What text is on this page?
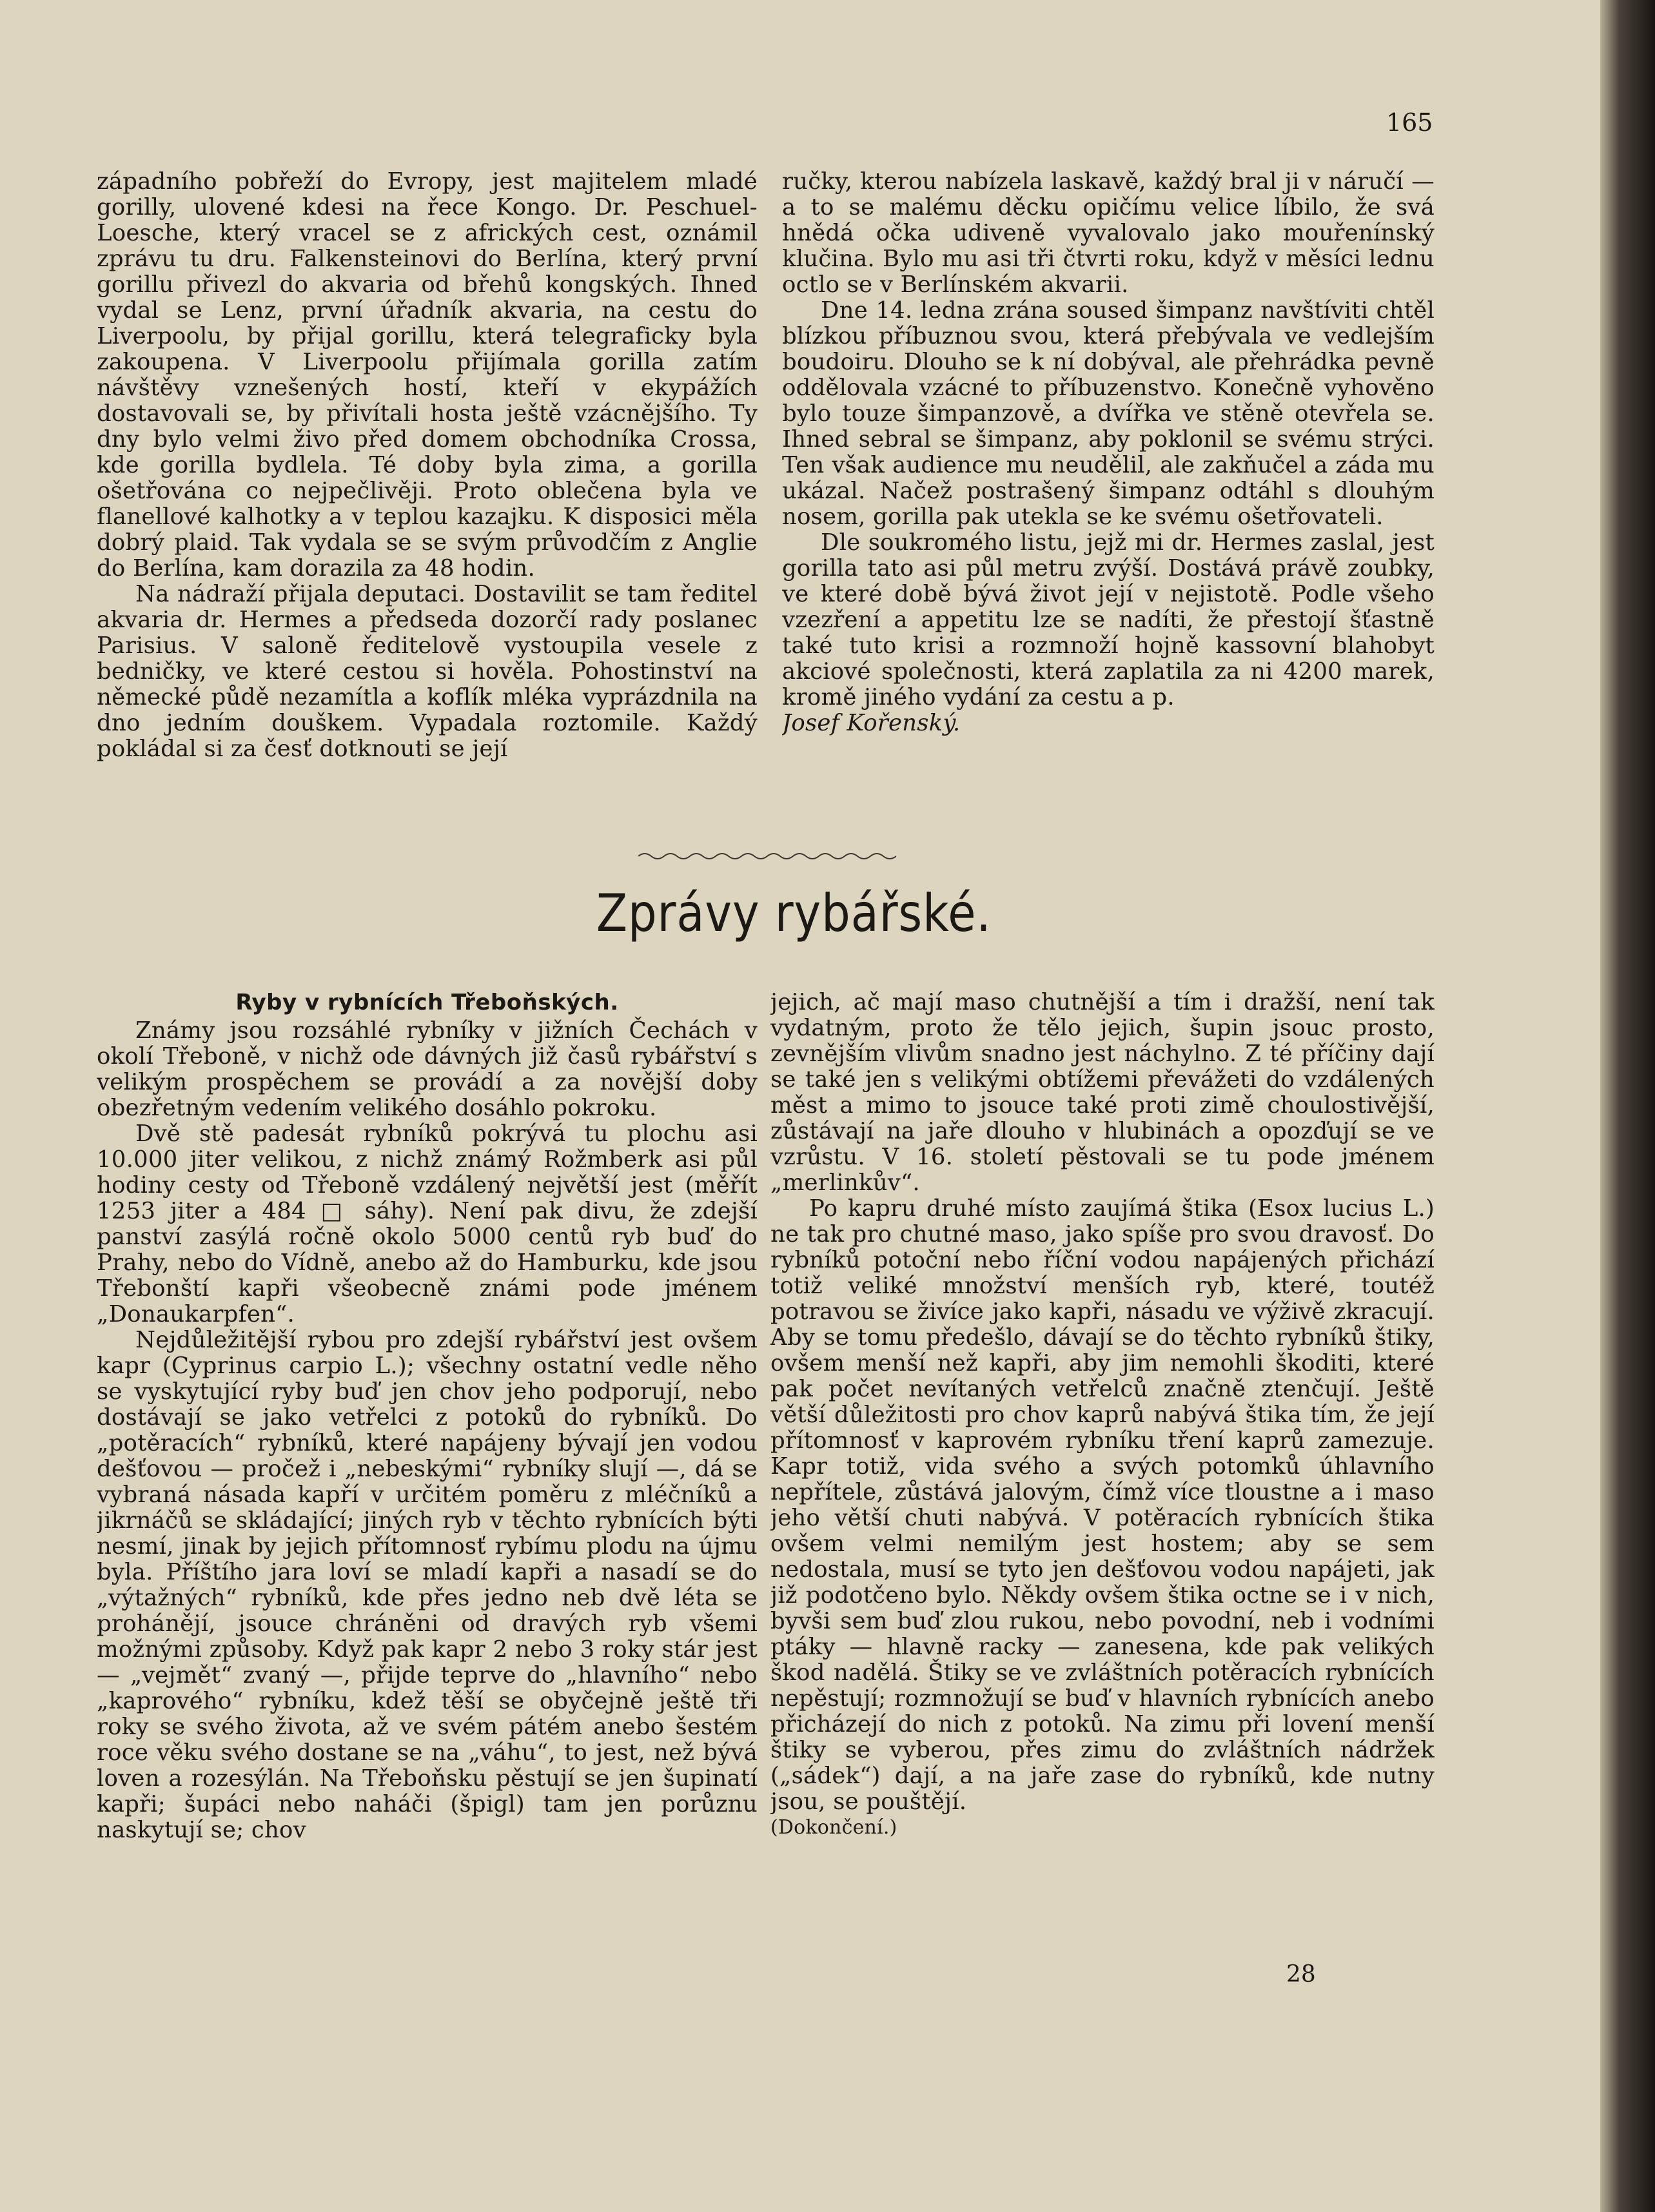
165

západního pobřeží do Evropy, jest majitelem mladé gorilly, ulovené kdesi na řece Kongo. Dr. Peschuel-Loesche, který vracel se z afrických cest, oznámil zprávu tu dru. Falkensteinovi do Berlína, který první gorillu přivezl do akvaria od břehů kongských. Ihned vydal se Lenz, první úřadník akvaria, na cestu do Liverpoolu, by přijal gorillu, která telegraficky byla zakoupena. V Liverpoolu přijímala gorilla zatím návštěvy vznešených hostí, kteří v ekypážích dostavovali se, by přivítali hosta ještě vzácnějšího. Ty dny bylo velmi živo před domem obchodníka Crossa, kde gorilla bydlela. Té doby byla zima, a gorilla ošetřována co nejpečlivěji. Proto oblečena byla ve flanellové kalhotky a v teplou kazajku. K disposici měla dobrý plaid. Tak vydala se se svým průvodčím z Anglie do Berlína, kam dorazila za 48 hodin.

Na nádraží přijala deputaci. Dostavilit se tam ředitel akvaria dr. Hermes a předseda dozorčí rady poslanec Parisius. V saloně ředitelově vystoupila vesele z bedničky, ve které cestou si hověla. Pohostinství na německé půdě nezamítla a koflík mléka vyprázdnila na dno jedním douškem. Vypadala roztomile. Každý pokládal si za česť dotknouti se její

ručky, kterou nabízela laskavě, každý bral ji v náručí — a to se malému děcku opičímu velice líbilo, že svá hnědá očka udiveně vyvalovalo jako mouřenínský klučina. Bylo mu asi tři čtvrti roku, když v měsíci lednu octlo se v Berlínském akvarii.

Dne 14. ledna zrána soused šimpanz navštíviti chtěl blízkou příbuznou svou, která přebývala ve vedlejším boudoiru. Dlouho se k ní dobýval, ale přehrádka pevně oddělovala vzácné to příbuzenstvo. Konečně vyhověno bylo touze šimpanzově, a dvířka ve stěně otevřela se. Ihned sebral se šimpanz, aby poklonil se svému strýci. Ten však audience mu neudělil, ale zakňučel a záda mu ukázal. Načež postrašený šimpanz odtáhl s dlouhým nosem, gorilla pak utekla se ke svému ošetřovateli.

Dle soukromého listu, jejž mi dr. Hermes zaslal, jest gorilla tato asi půl metru zvýší. Dostává právě zoubky, ve které době bývá život její v nejistotě. Podle všeho vzezření a appetitu lze se nadíti, že přestojí šťastně také tuto krisi a rozmnoží hojně kassovní blahobyt akciové společnosti, která zaplatila za ni 4200 marek, kromě jiného vydání za cestu a p.

Josef Kořenský.

Zprávy rybářské.
Ryby v rybnících Třeboňských.

Známy jsou rozsáhlé rybníky v jižních Čechách v okolí Třeboně, v nichž ode dávných již časů rybářství s velikým prospěchem se provádí a za novější doby obezřetným vedením velikého dosáhlo pokroku.

Dvě stě padesát rybníků pokrývá tu plochu asi 10.000 jiter velikou, z nichž známý Rožmberk asi půl hodiny cesty od Třeboně vzdálený největší jest (měřít 1253 jiter a 484 □ sáhy). Není pak divu, že zdejší panství zasýlá ročně okolo 5000 centů ryb buď do Prahy, nebo do Vídně, anebo až do Hamburku, kde jsou Třebonští kapři všeobecně známi pode jménem „Donaukarpfen“.

Nejdůležitější rybou pro zdejší rybářství jest ovšem kapr (Cyprinus carpio L.); všechny ostatní vedle něho se vyskytující ryby buď jen chov jeho podporují, nebo dostávají se jako vetřelci z potoků do rybníků. Do „potěracích“ rybníků, které napájeny bývají jen vodou dešťovou — pročež i „nebeskými“ rybníky slují —, dá se vybraná násada kapří v určitém poměru z mléčníků a jikrnáčů se skládající; jiných ryb v těchto rybnících býti nesmí, jinak by jejich přítomnosť rybímu plodu na újmu byla. Příštího jara loví se mladí kapři a nasadí se do „výtažných“ rybníků, kde přes jedno neb dvě léta se prohánějí, jsouce chráněni od dravých ryb všemi možnými způsoby. Když pak kapr 2 nebo 3 roky stár jest — „vejmět“ zvaný —, přijde teprve do „hlavního“ nebo „kaprového“ rybníku, kdež těší se obyčejně ještě tři roky se svého života, až ve svém pátém anebo šestém roce věku svého dostane se na „váhu“, to jest, než bývá loven a rozesýlán. Na Třeboňsku pěstují se jen šupinatí kapři; šupáci nebo naháči (špigl) tam jen porůznu naskytují se; chov

jejich, ač mají maso chutnější a tím i dražší, není tak vydatným, proto že tělo jejich, šupin jsouc prosto, zevnějším vlivům snadno jest náchylno. Z té příčiny dají se také jen s velikými obtížemi převážeti do vzdálených měst a mimo to jsouce také proti zimě choulostivější, zůstávají na jaře dlouho v hlubinách a opozďují se ve vzrůstu. V 16. století pěstovali se tu pode jménem „merlinkův“.

Po kapru druhé místo zaujímá štika (Esox lucius L.) ne tak pro chutné maso, jako spíše pro svou dravosť. Do rybníků potoční nebo říční vodou napájených přichází totiž veliké množství menších ryb, které, toutéž potravou se živíce jako kapři, násadu ve výživě zkracují. Aby se tomu předešlo, dávají se do těchto rybníků štiky, ovšem menší než kapři, aby jim nemohli škoditi, které pak počet nevítaných vetřelců značně ztenčují. Ještě větší důležitosti pro chov kaprů nabývá štika tím, že její přítomnosť v kaprovém rybníku tření kaprů zamezuje. Kapr totiž, vida svého a svých potomků úhlavního nepřítele, zůstává jalovým, čímž více tloustne a i maso jeho větší chuti nabývá. V potěracích rybnících štika ovšem velmi nemilým jest hostem; aby se sem nedostala, musí se tyto jen dešťovou vodou napájeti, jak již podotčeno bylo. Někdy ovšem štika octne se i v nich, byvši sem buď zlou rukou, nebo povodní, neb i vodními ptáky — hlavně racky — zanesena, kde pak velikých škod nadělá. Štiky se ve zvláštních potěracích rybnících nepěstují; rozmnožují se buď v hlavních rybnících anebo přicházejí do nich z potoků. Na zimu při lovení menší štiky se vyberou, přes zimu do zvláštních nádržek („sádek“) dají, a na jaře zase do rybníků, kde nutny jsou, se pouštějí.

(Dokončení.)

28
